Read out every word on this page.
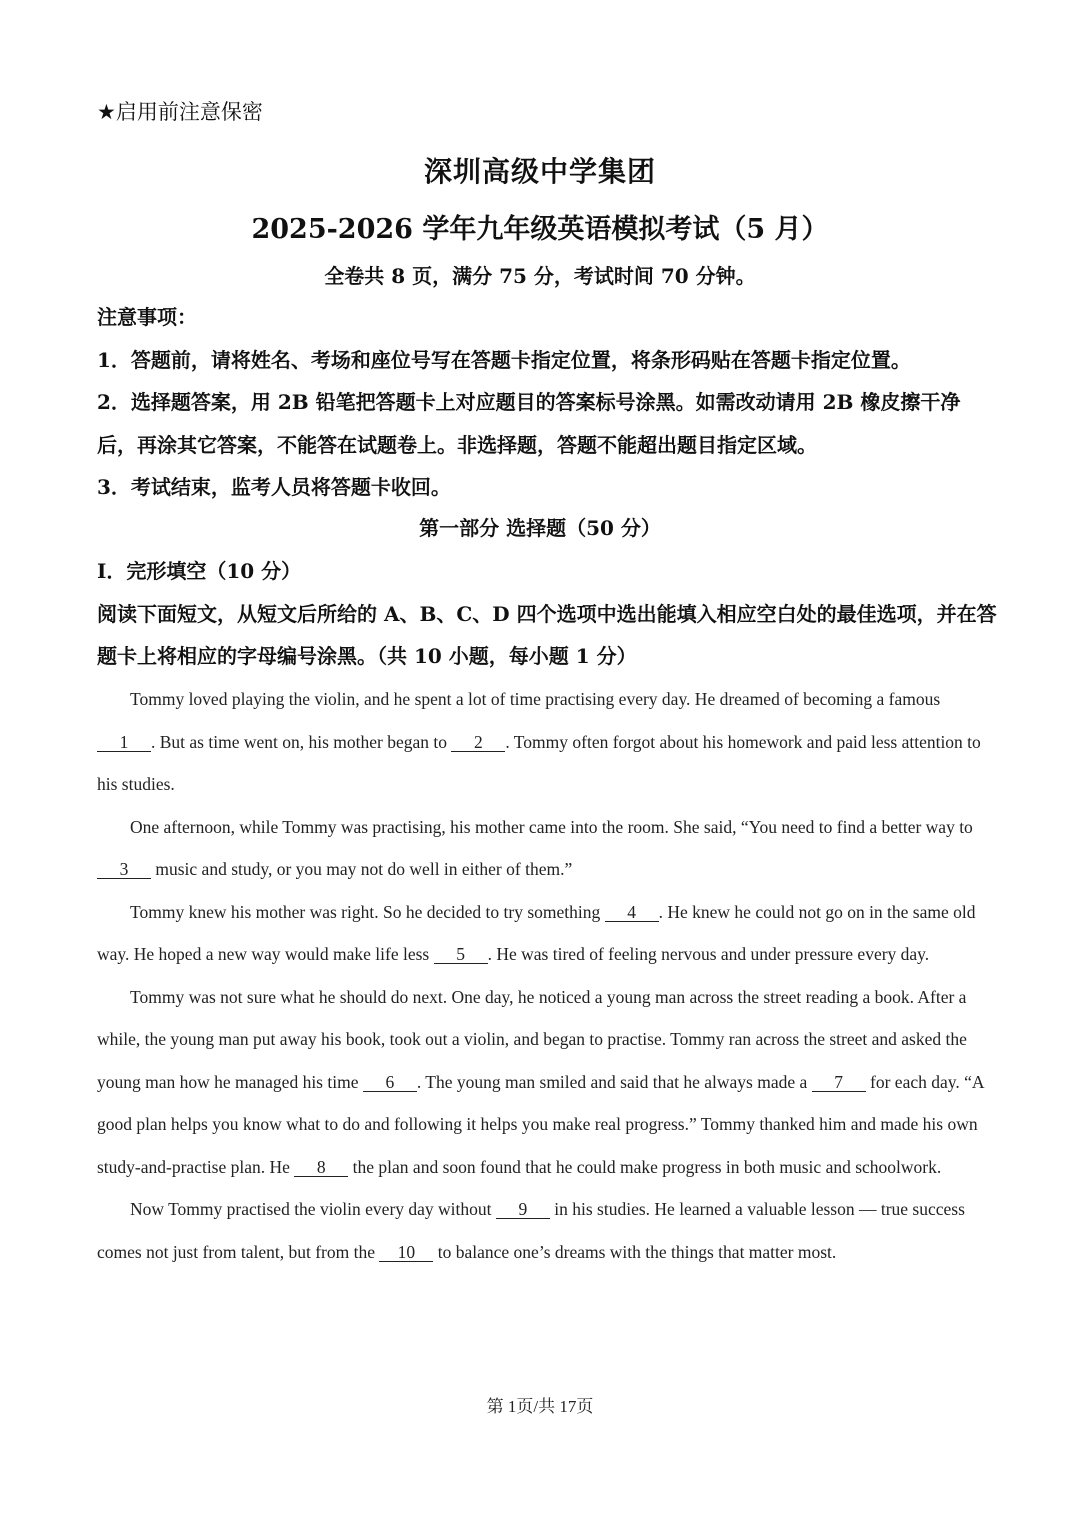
★启用前注意保密
深圳高级中学集团
2025-2026 学年九年级英语模拟考试（5 月）
全卷共 8 页，满分 75 分，考试时间 70 分钟。

注意事项：

1．答题前，请将姓名、考场和座位号写在答题卡指定位置，将条形码贴在答题卡指定位置。

2．选择题答案，用 2B 铅笔把答题卡上对应题目的答案标号涂黑。如需改动请用 2B 橡皮擦干净后，再涂其它答案，不能答在试题卷上。非选择题，答题不能超出题目指定区域。

3．考试结束，监考人员将答题卡收回。

第一部分 选择题（50 分）

I．完形填空（10 分）

阅读下面短文，从短文后所给的 A、B、C、D 四个选项中选出能填入相应空白处的最佳选项，并在答题卡上将相应的字母编号涂黑。（共 10 小题，每小题 1 分）

Tommy loved playing the violin, and he spent a lot of time practising every day. He dreamed of becoming a famous 1 . But as time went on, his mother began to 2 . Tommy often forgot about his homework and paid less attention to his studies.

One afternoon, while Tommy was practising, his mother came into the room. She said, “You need to find a better way to 3 music and study, or you may not do well in either of them.”

Tommy knew his mother was right. So he decided to try something 4 . He knew he could not go on in the same old way. He hoped a new way would make life less 5 . He was tired of feeling nervous and under pressure every day.

Tommy was not sure what he should do next. One day, he noticed a young man across the street reading a book. After a while, the young man put away his book, took out a violin, and began to practise. Tommy ran across the street and asked the young man how he managed his time 6 . The young man smiled and said that he always made a 7 for each day. “A good plan helps you know what to do and following it helps you make real progress.” Tommy thanked him and made his own study-and-practise plan. He 8 the plan and soon found that he could make progress in both music and schoolwork.

Now Tommy practised the violin every day without 9 in his studies. He learned a valuable lesson — true success comes not just from talent, but from the 10 to balance one’s dreams with the things that matter most.

第 1页/共 17页
